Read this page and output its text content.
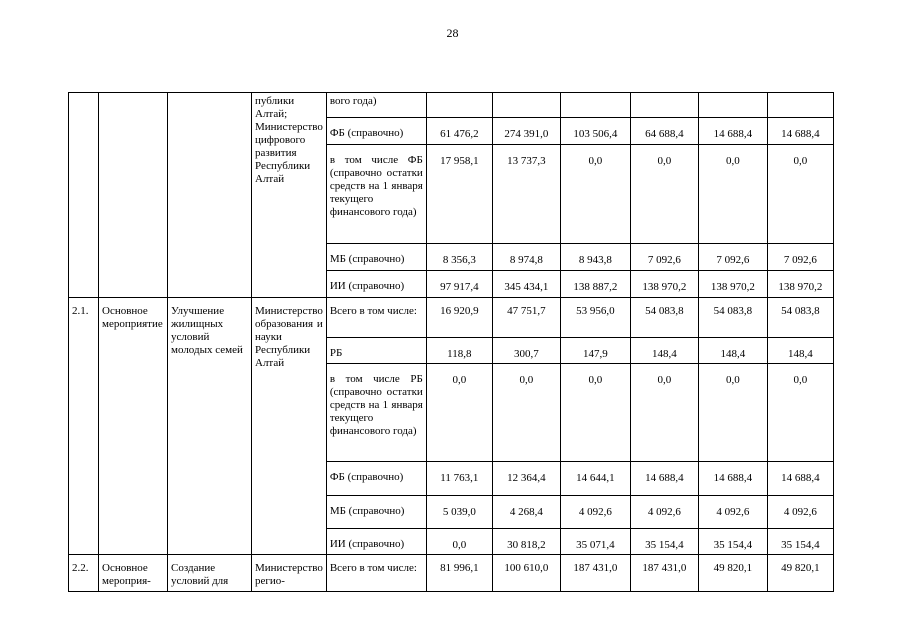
28
			публики Алтай; Министерство цифрового развития Республики Алтай	вого года)						
				ФБ (справочно)	61 476,2	274 391,0	103 506,4	64 688,4	14 688,4	14 688,4
				в том числе ФБ (справочно остатки средств на 1 января текущего финансового года)	17 958,1	13 737,3	0,0	0,0	0,0	0,0
				МБ (справочно)	8 356,3	8 974,8	8 943,8	7 092,6	7 092,6	7 092,6
				ИИ (справочно)	97 917,4	345 434,1	138 887,2	138 970,2	138 970,2	138 970,2
2.1.	Основное мероприятие	Улучшение жилищных условий молодых семей	Министерство образования и науки Республики Алтай	Всего в том числе:	16 920,9	47 751,7	53 956,0	54 083,8	54 083,8	54 083,8
				РБ	118,8	300,7	147,9	148,4	148,4	148,4
				в том числе РБ (справочно остатки средств на 1 января текущего финансового года)	0,0	0,0	0,0	0,0	0,0	0,0
				ФБ (справочно)	11 763,1	12 364,4	14 644,1	14 688,4	14 688,4	14 688,4
				МБ (справочно)	5 039,0	4 268,4	4 092,6	4 092,6	4 092,6	4 092,6
				ИИ (справочно)	0,0	30 818,2	35 071,4	35 154,4	35 154,4	35 154,4
2.2.	Основное мероприя-	Создание условий для	Министерство регио-	Всего в том числе:	81 996,1	100 610,0	187 431,0	187 431,0	49 820,1	49 820,1
